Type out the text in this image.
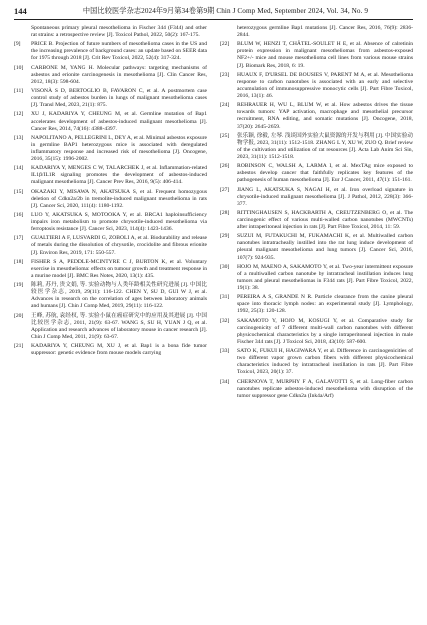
144	中国比较医学杂志2024年9月第34卷第9期 Chin J Comp Med, September 2024, Vol. 34, No. 9
Spontaneous primary pleural mesothelioma in Fischer 344 (F344) and other rat strains: a retrospective review [J]. Toxicol Pathol, 2022, 50(2): 167-175.
[9]	PRICE B. Projection of future numbers of mesothelioma cases in the US and the increasing prevalence of background cases: an update based on SEER data for 1975 through 2018 [J]. Crit Rev Toxicol, 2022, 52(4): 317-324.
[10]	CARBONE M, YANG H. Molecular pathways: targeting mechanisms of asbestos and erionite carcinogenesis in mesothelioma [J]. Clin Cancer Res, 2012, 18(3): 598-604.
[11]	VISONÀ S D, BERTOGLIO B, FAVARON C, et al. A postmortem case control study of asbestos burden in lungs of malignant mesothelioma cases [J]. Transl Med, 2023, 21(1): 875.
[12]	XU J, KADARIYA Y, CHEUNG M, et al. Germline mutation of Bap1 accelerates development of asbestos-induced malignant mesothelioma [J]. Cancer Res, 2014, 74(16): 4388-4397.
[13]	NAPOLITANO A, PELLEGRINI L, DEY A, et al. Minimal asbestos exposure in germline BAP1 heterozygous mice is associated with deregulated inflammatory response and increased risk of mesothelioma [J]. Oncogene, 2016, 35(15): 1996-2002.
[14]	KADARIYA Y, MENGES C W, TALARCHEK J, et al. Inflammation-related IL1β/IL1R signaling promotes the development of asbestos-induced malignant mesothelioma [J]. Cancer Prev Res, 2016, 9(5): 406-414.
[15]	OKAZAKI Y, MISAWA N, AKATSUKA S, et al. Frequent homozygous deletion of Cdkn2a/2b in tremolite-induced malignant mesothelioma in rats [J]. Cancer Sci, 2020, 111(4): 1180-1192.
[16]	LUO Y, AKATSUKA S, MOTOOKA Y, et al. BRCA1 haploinsufficiency impairs iron metabolism to promote chrysotile-induced mesothelioma via ferroptosis resistance [J]. Cancer Sci, 2023, 114(4): 1423-1436.
[17]	GUALTIERI A F, LUSVARDI G, ZOBOLI A, et al. Biodurability and release of metals during the dissolution of chrysotile, crocidolite and fibrous erionite [J]. Environ Res, 2019, 171: 550-557.
[18]	FISHER S A, PEDDLE-MCINTYRE C J, BURTON K, et al. Voluntary exercise in mesothelioma: effects on tumour growth and treatment response in a murine model [J]. BMC Res Notes, 2020, 13(1): 435.
[19]	陈莉, 苏丹, 贵文娟, 等. 实验动物与人类年龄相关性研究进展 [J]. 中国比较医学杂志, 2019, 29(11): 116-122. CHEN Y, SU D, GUI W J, et al. Advances in research on the correlation of ages between laboratory animals and humans [J]. Chin J Comp Med, 2019, 29(11): 116-122.
[20]	王峰, 苏航, 袁经权, 等. 实验小鼠在癌症研究中的应用及其进展 [J]. 中国比较医学杂志, 2011, 21(9): 63-67. WANG S, SU H, YUAN J Q, et al. Application and research advances of laboratory mouse in cancer research [J]. Chin J Comp Med, 2011, 21(9): 63-67.
[21]	KADARIYA Y, CHEUNG M, XU J, et al. Bap1 is a bona fide tumor suppressor: genetic evidence from mouse models carrying
heterozygous germline Bap1 mutations [J]. Cancer Res, 2016, 76(9): 2836-2844.
[22]	BLUM W, HENZI T, CHÂTEL-SOULET H E, et al. Absence of calretinin protein expression in malignant mesotheliomas from asbestos-exposed NF2+/- mice and mouse mesothelioma cell lines from various mouse strains [J]. Biomark Res, 2018, 6: 19.
[23]	HUAUX F, D'URSEL DE BOUSIES V, PARENT M A, et al. Mesothelioma response to carbon nanotubes is associated with an early and selective accumulation of immunosuppressive monocytic cells [J]. Part Fibre Toxicol, 2016, 13(1): 46.
[24]	REHRAUER H, WU L, BLUM W, et al. How asbestos drives the tissue towards tumors: YAP activation, macrophage and mesothelial precursor recruitment, RNA editing, and somatic mutations [J]. Oncogene, 2018, 37(20): 2645-2659.
[25]	张乐颖, 徐毅, 左琴. 浅谈国外实验大鼠资源的开发与利用 [J]. 中国实验动物学报, 2023, 31(11): 1512-1518. ZHANG L Y, XU W, ZUO Q. Brief review of the cultivation and utilization of rat resources [J]. Acta Lab Anim Sci Sin, 2023, 31(11): 1512-1518.
[26]	ROBINSON C, WALSH A, LARMA I, et al. MexTAg mice exposed to asbestos develop cancer that faithfully replicates key features of the pathogenesis of human mesothelioma [J]. Eur J Cancer, 2011, 47(1): 151-161.
[27]	JIANG L, AKATSUKA S, NAGAI H, et al. Iron overload signature in chrysotile-induced malignant mesothelioma [J]. J Pathol, 2012, 228(3): 366-377.
[28]	RITTINGHAUSEN S, HACKBARTH A, CREUTZENBERG O, et al. The carcinogenic effect of various multi-walled carbon nanotubes (MWCNTs) after intraperitoneal injection in rats [J]. Part Fibre Toxicol, 2014, 11: 59.
[29]	SUZUI M, FUTAKUCHI M, FUKAMACHI K, et al. Multiwalled carbon nanotubes intratracheally instilled into the rat lung induce development of pleural malignant mesothelioma and lung tumors [J]. Cancer Sci, 2016, 107(7): 924-935.
[30]	HOJO M, MAENO A, SAKAMOTO Y, et al. Two-year intermittent exposure of a multiwalled carbon nanotube by intratracheal instillation induces lung tumors and pleural mesotheliomas in F344 rats [J]. Part Fibre Toxicol, 2022, 19(1): 38.
[31]	PEREIRA A S, GRANDE N R. Particle clearance from the canine pleural space into thoracic lymph nodes: an experimental study [J]. Lymphology, 1992, 25(3): 120-128.
[32]	SAKAMOTO Y, HOJO M, KOSUGI Y, et al. Comparative study for carcinogenicity of 7 different multi-wall carbon nanotubes with different physicochemical characteristics by a single intraperitoneal injection in male Fischer 344 rats [J]. J Toxicol Sci, 2018, 43(10): 587-600.
[33]	SATO K, FUKUI H, HAGIWARA Y, et al. Difference in carcinogenicities of two different vapor grown carbon fibers with different physicochemical characteristics induced by intratracheal instillation in rats [J]. Part Fibre Toxicol, 2023, 20(1): 37.
[34]	CHERNOVA T, MURPHY F A, GALAVOTTI S, et al. Long-fiber carbon nanotubes replicate asbestos-induced mesothelioma with disruption of the tumor suppressor gene Cdkn2a (Ink4a/Arf)
